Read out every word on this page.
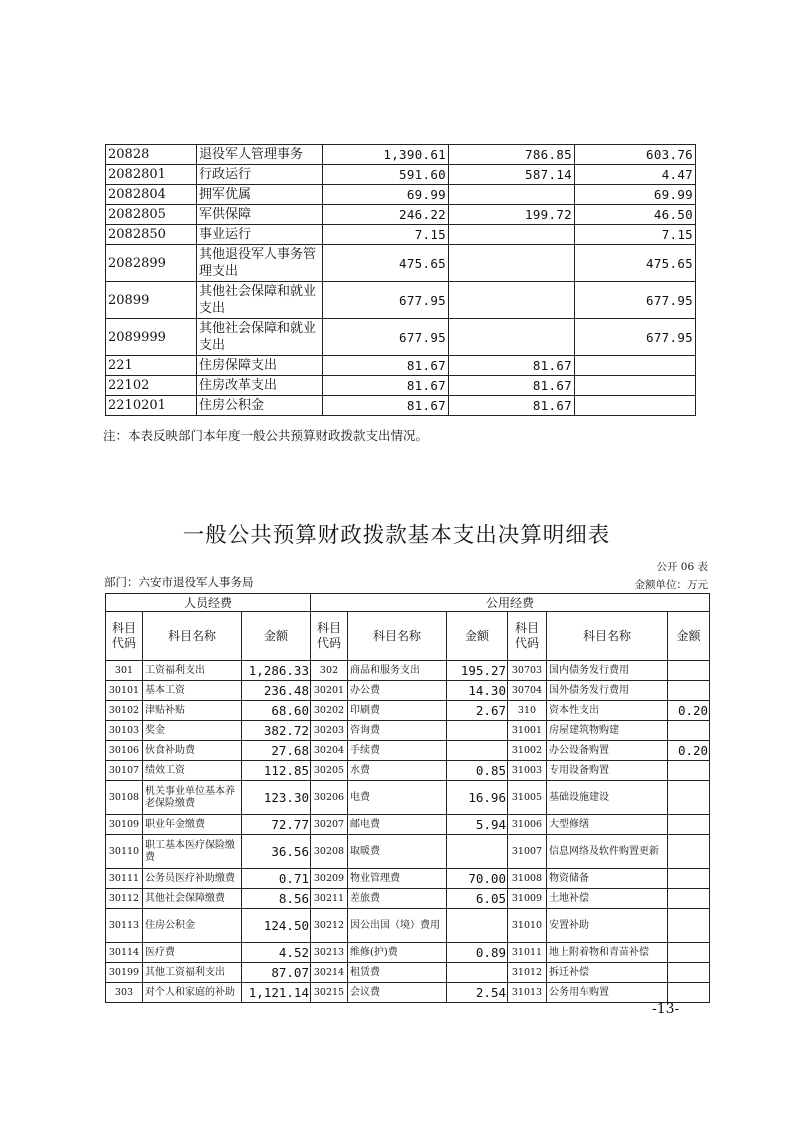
20828	退役军人管理事务	1,390.61	786.85	603.76
2082801	行政运行	591.60	587.14	4.47
2082804	拥军优属	69.99		69.99
2082805	军供保障	246.22	199.72	46.50
2082850	事业运行	7.15		7.15
2082899	其他退役军人事务管理支出	475.65		475.65
20899	其他社会保障和就业支出	677.95		677.95
2089999	其他社会保障和就业支出	677.95		677.95
221	住房保障支出	81.67	81.67	
22102	住房改革支出	81.67	81.67	
2210201	住房公积金	81.67	81.67	
注：本表反映部门本年度一般公共预算财政拨款支出情况。
一般公共预算财政拨款基本支出决算明细表
公开 06 表
部门：六安市退役军人事务局	金额单位：万元
人员经费			公用经费					
科目代码	科目名称	金额	科目代码	科目名称	金额	科目代码	科目名称	金额
301	工资福利支出	1,286.33	302	商品和服务支出	195.27	30703	国内债务发行费用	
30101	基本工资	236.48	30201	办公费	14.30	30704	国外债务发行费用	
30102	津贴补贴	68.60	30202	印刷费	2.67	310	资本性支出	0.20
30103	奖金	382.72	30203	咨询费		31001	房屋建筑物购建	
30106	伙食补助费	27.68	30204	手续费		31002	办公设备购置	0.20
30107	绩效工资	112.85	30205	水费	0.85	31003	专用设备购置	
30108	机关事业单位基本养老保险缴费	123.30	30206	电费	16.96	31005	基础设施建设	
30109	职业年金缴费	72.77	30207	邮电费	5.94	31006	大型修缮	
30110	职工基本医疗保险缴费	36.56	30208	取暖费		31007	信息网络及软件购置更新	
30111	公务员医疗补助缴费	0.71	30209	物业管理费	70.00	31008	物资储备	
30112	其他社会保障缴费	8.56	30211	差旅费	6.05	31009	土地补偿	
30113	住房公积金	124.50	30212	因公出国（境）费用		31010	安置补助	
30114	医疗费	4.52	30213	维修(护)费	0.89	31011	地上附着物和青苗补偿	
30199	其他工资福利支出	87.07	30214	租赁费		31012	拆迁补偿	
303	对个人和家庭的补助	1,121.14	30215	会议费	2.54	31013	公务用车购置	
-13-
